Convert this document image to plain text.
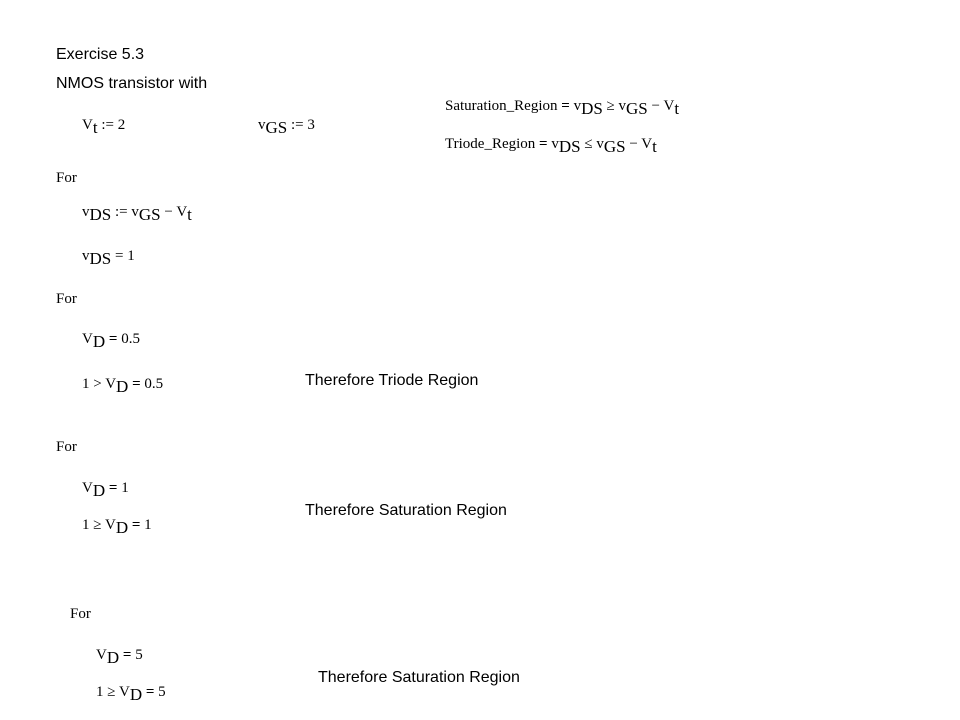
Exercise 5.3
NMOS transistor with
Vt := 2	vGS := 3
Saturation_Region = vDS ≥ vGS − Vt
Triode_Region = vDS ≤ vGS − Vt
For
vDS := vGS − Vt
vDS = 1
For
VD = 0.5
1 > VD = 0.5	Therefore Triode Region
For
VD = 1
1 ≥ VD = 1
Therefore Saturation Region
For
VD = 5
1 ≥ VD = 5
Therefore Saturation Region
